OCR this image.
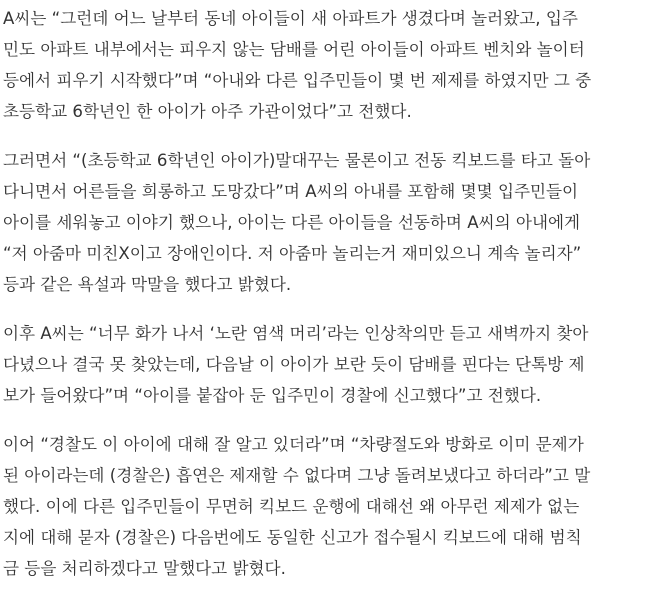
A씨는 “그런데 어느 날부터 동네 아이들이 새 아파트가 생겼다며 놀러왔고, 입주

민도 아파트 내부에서는 피우지 않는 담배를 어린 아이들이 아파트 벤치와 놀이터

등에서 피우기 시작했다”며 “아내와 다른 입주민들이 몇 번 제제를 하였지만 그 중

초등학교 6학년인 한 아이가 아주 가관이었다”고 전했다.

그러면서 “(초등학교 6학년인 아이가)말대꾸는 물론이고 전동 킥보드를 타고 돌아

다니면서 어른들을 희롱하고 도망갔다”며 A씨의 아내를 포함해 몇몇 입주민들이

아이를 세워놓고 이야기 했으나, 아이는 다른 아이들을 선동하며 A씨의 아내에게

“저 아줌마 미친X이고 장애인이다. 저 아줌마 놀리는거 재미있으니 계속 놀리자”

등과 같은 욕설과 막말을 했다고 밝혔다.

이후 A씨는 “너무 화가 나서 ‘노란 염색 머리’라는 인상착의만 듣고 새벽까지 찾아

다녔으나 결국 못 찾았는데, 다음날 이 아이가 보란 듯이 담배를 핀다는 단톡방 제

보가 들어왔다”며 “아이를 붙잡아 둔 입주민이 경찰에 신고했다”고 전했다.

이어 “경찰도 이 아이에 대해 잘 알고 있더라”며 “차량절도와 방화로 이미 문제가

된 아이라는데 (경찰은) 흡연은 제재할 수 없다며 그냥 돌려보냈다고 하더라”고 말

했다. 이에 다른 입주민들이 무면허 킥보드 운행에 대해선 왜 아무런 제제가 없는

지에 대해 묻자 (경찰은) 다음번에도 동일한 신고가 접수될시 킥보드에 대해 범칙

금 등을 처리하겠다고 말했다고 밝혔다.
